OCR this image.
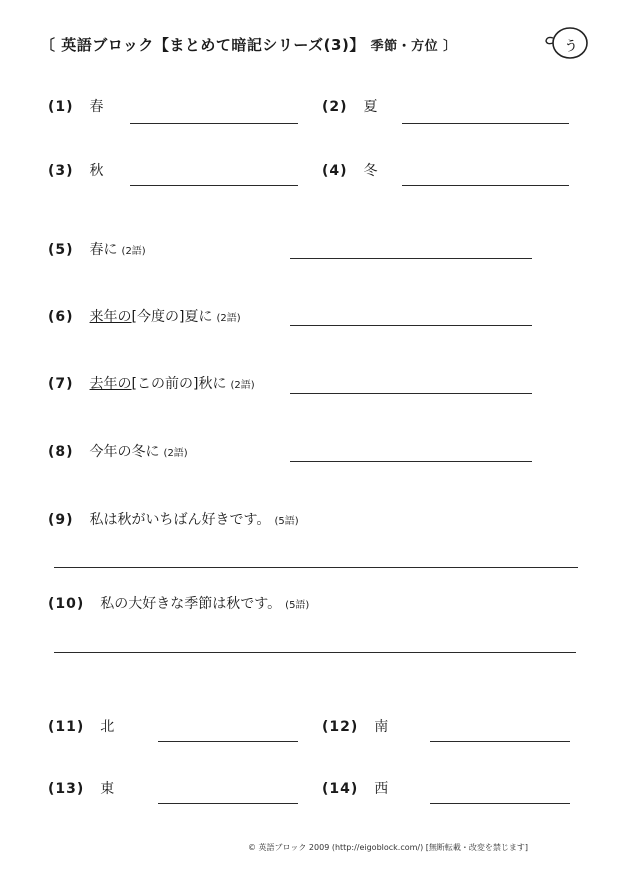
〔 英語ブロック【まとめて暗記シリーズ(3)】 季節・方位 〕	ぅ
(1) 春	(2) 夏
(3) 秋	(4) 冬
(5) 春に (2語)
(6) 来年の[今度の]夏に (2語)
(7) 去年の[この前の]秋に (2語)
(8) 今年の冬に (2語)
(9) 私は秋がいちばん好きです。 (5語)
(10) 私の大好きな季節は秋です。 (5語)
(11) 北	(12) 南
(13) 東	(14) 西
© 英語ブロック 2009 (http://eigoblock.com/) [無断転載・改変を禁じます]
